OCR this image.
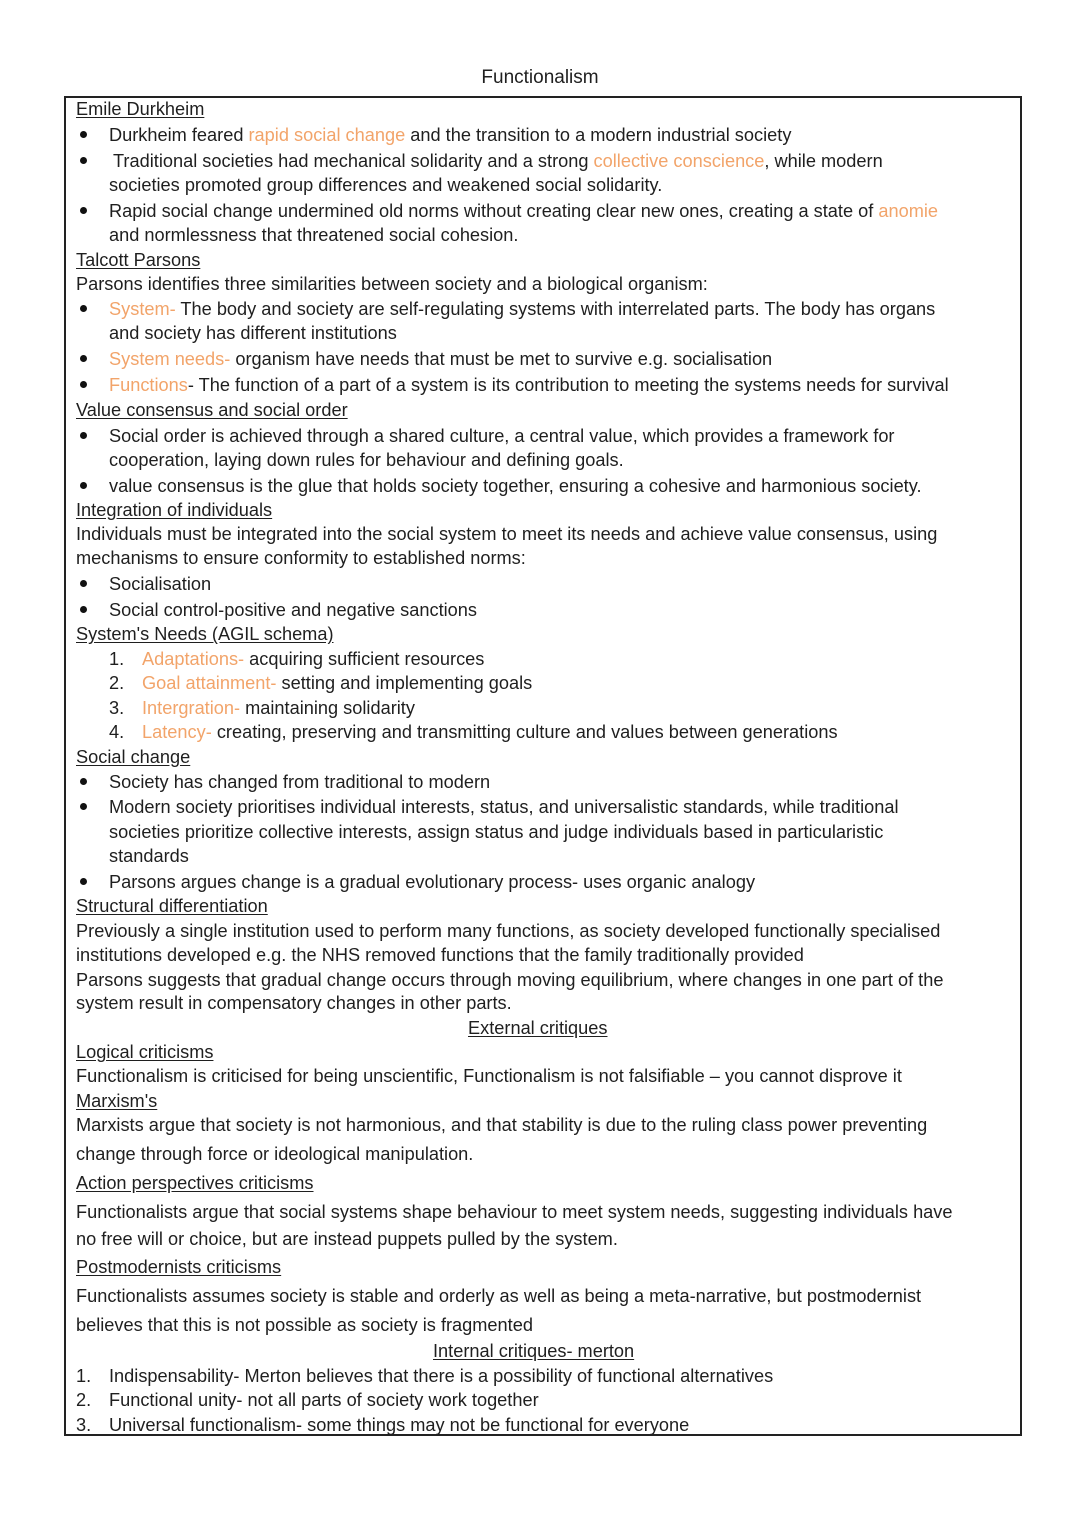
Functionalism
Emile Durkheim
Durkheim feared rapid social change and the transition to a modern industrial society
Traditional societies had mechanical solidarity and a strong collective conscience, while modern
societies promoted group differences and weakened social solidarity.
Rapid social change undermined old norms without creating clear new ones, creating a state of anomie
and normlessness that threatened social cohesion.
Talcott Parsons
Parsons identifies three similarities between society and a biological organism:
System- The body and society are self-regulating systems with interrelated parts. The body has organs
and society has different institutions
System needs- organism have needs that must be met to survive e.g. socialisation
Functions- The function of a part of a system is its contribution to meeting the systems needs for survival
Value consensus and social order
Social order is achieved through a shared culture, a central value, which provides a framework for
cooperation, laying down rules for behaviour and defining goals.
value consensus is the glue that holds society together, ensuring a cohesive and harmonious society.
Integration of individuals
Individuals must be integrated into the social system to meet its needs and achieve value consensus, using
mechanisms to ensure conformity to established norms:
Socialisation
Social control-positive and negative sanctions
System's Needs (AGIL schema)
1. Adaptations- acquiring sufficient resources
2. Goal attainment- setting and implementing goals
3. Intergration- maintaining solidarity
4. Latency- creating, preserving and transmitting culture and values between generations
Social change
Society has changed from traditional to modern
Modern society prioritises individual interests, status, and universalistic standards, while traditional
societies prioritize collective interests, assign status and judge individuals based in particularistic
standards
Parsons argues change is a gradual evolutionary process- uses organic analogy
Structural differentiation
Previously a single institution used to perform many functions, as society developed functionally specialised
institutions developed e.g. the NHS removed functions that the family traditionally provided
Parsons suggests that gradual change occurs through moving equilibrium, where changes in one part of the
system result in compensatory changes in other parts.
External critiques
Logical criticisms
Functionalism is criticised for being unscientific, Functionalism is not falsifiable – you cannot disprove it
Marxism's
Marxists argue that society is not harmonious, and that stability is due to the ruling class power preventing
change through force or ideological manipulation.
Action perspectives criticisms
Functionalists argue that social systems shape behaviour to meet system needs, suggesting individuals have
no free will or choice, but are instead puppets pulled by the system.
Postmodernists criticisms
Functionalists assumes society is stable and orderly as well as being a meta-narrative, but postmodernist
believes that this is not possible as society is fragmented
Internal critiques- merton
1. Indispensability- Merton believes that there is a possibility of functional alternatives
2. Functional unity- not all parts of society work together
3. Universal functionalism- some things may not be functional for everyone
